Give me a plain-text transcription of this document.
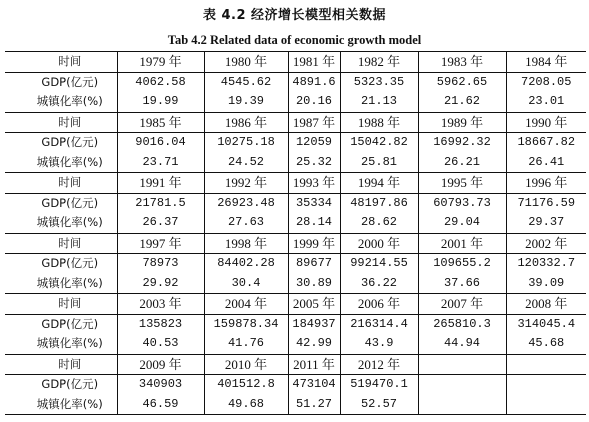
表 4.2 经济增长模型相关数据
Tab 4.2 Related data of economic growth model
时间	1979 年	1980 年	1981 年	1982 年	1983 年	1984 年
GDP(亿元)	4062.58	4545.62	4891.6	5323.35	5962.65	7208.05
城镇化率(%)	19.99	19.39	20.16	21.13	21.62	23.01
时间	1985 年	1986 年	1987 年	1988 年	1989 年	1990 年
GDP(亿元)	9016.04	10275.18	12059	15042.82	16992.32	18667.82
城镇化率(%)	23.71	24.52	25.32	25.81	26.21	26.41
时间	1991 年	1992 年	1993 年	1994 年	1995 年	1996 年
GDP(亿元)	21781.5	26923.48	35334	48197.86	60793.73	71176.59
城镇化率(%)	26.37	27.63	28.14	28.62	29.04	29.37
时间	1997 年	1998 年	1999 年	2000 年	2001 年	2002 年
GDP(亿元)	78973	84402.28	89677	99214.55	109655.2	120332.7
城镇化率(%)	29.92	30.4	30.89	36.22	37.66	39.09
时间	2003 年	2004 年	2005 年	2006 年	2007 年	2008 年
GDP(亿元)	135823	159878.34	184937	216314.4	265810.3	314045.4
城镇化率(%)	40.53	41.76	42.99	43.9	44.94	45.68
时间	2009 年	2010 年	2011 年	2012 年		
GDP(亿元)	340903	401512.8	473104	519470.1		
城镇化率(%)	46.59	49.68	51.27	52.57		
